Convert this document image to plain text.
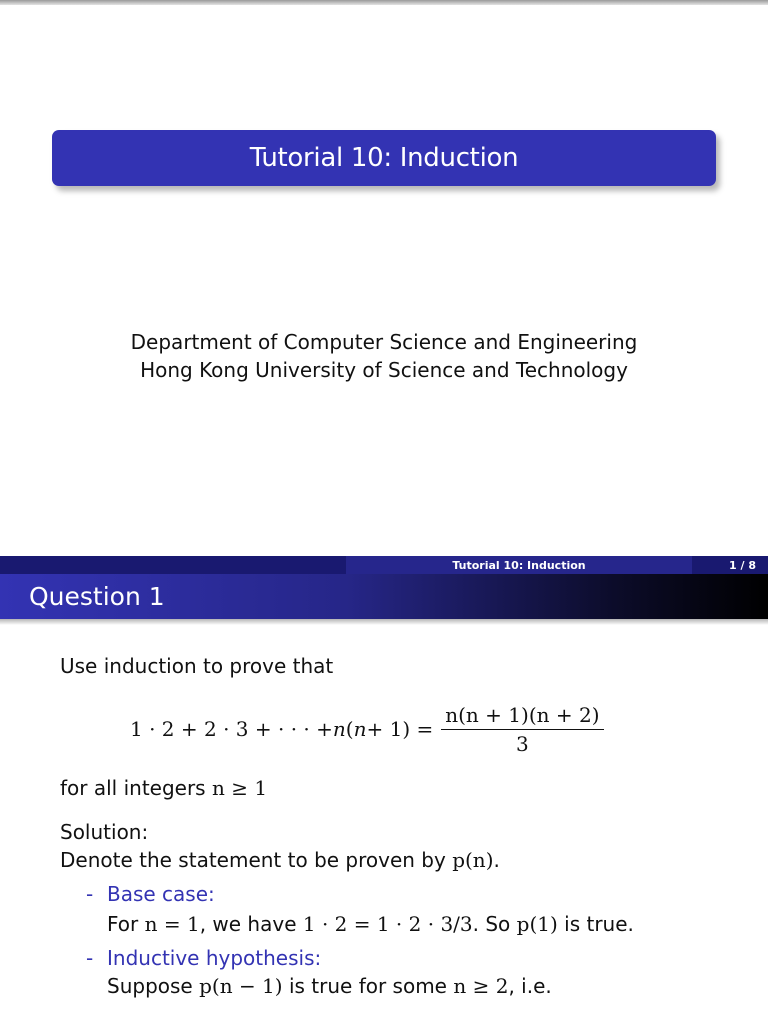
Tutorial 10: Induction
Department of Computer Science and Engineering
Hong Kong University of Science and Technology
Tutorial 10: Induction	1 / 8
Question 1
Use induction to prove that
1 · 2 + 2 · 3 + · · · + n ( $n + 1) = \frac{n(n + 1)(n + 2)}{3}$
for all integers n ≥ 1
Solution:
Denote the statement to be proven by p(n).
- Base case:
For n = 1, we have 1 · 2 = 1 · 2 · 3/3. So p(1) is true.
- Inductive hypothesis:
Suppose p(n − 1) is true for some n ≥ 2, i.e.
